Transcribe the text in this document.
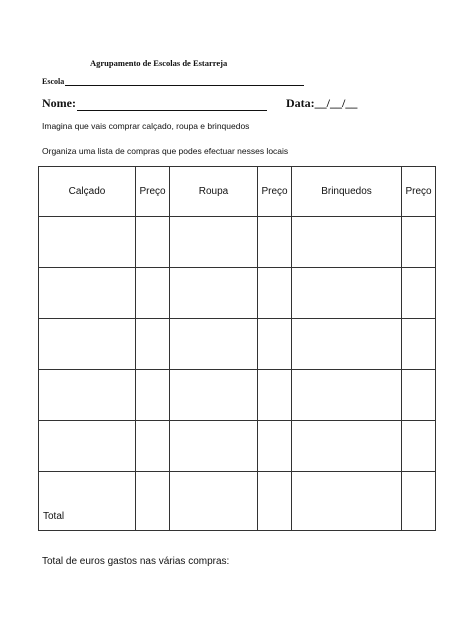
Agrupamento de Escolas de Estarreja
Escola
Nome:	Data:__/__/__
Imagina que vais comprar calçado, roupa e brinquedos
Organiza uma lista de compras que podes efectuar nesses locais
Calçado	Preço	Roupa	Preço	Brinquedos	Preço

Total					
Total de euros gastos nas várias compras:
